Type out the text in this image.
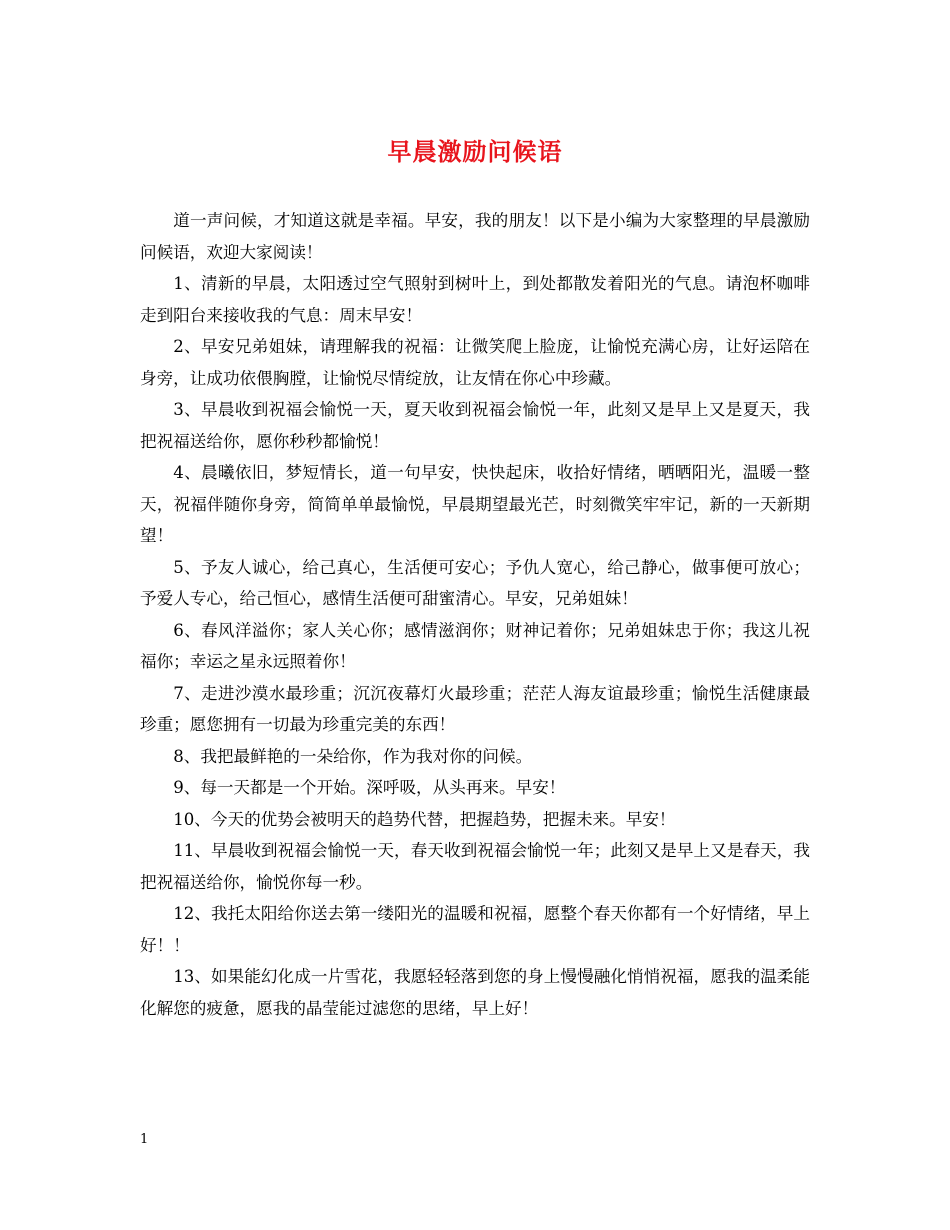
早晨激励问候语

道一声问候，才知道这就是幸福。早安，我的朋友！以下是小编为大家整理的早晨激励问候语，欢迎大家阅读！

1、清新的早晨，太阳透过空气照射到树叶上，到处都散发着阳光的气息。请泡杯咖啡走到阳台来接收我的气息：周末早安！

2、早安兄弟姐妹，请理解我的祝福：让微笑爬上脸庞，让愉悦充满心房，让好运陪在身旁，让成功依偎胸膛，让愉悦尽情绽放，让友情在你心中珍藏。

3、早晨收到祝福会愉悦一天，夏天收到祝福会愉悦一年，此刻又是早上又是夏天，我把祝福送给你，愿你秒秒都愉悦！

4、晨曦依旧，梦短情长，道一句早安，快快起床，收拾好情绪，晒晒阳光，温暖一整天，祝福伴随你身旁，简简单单最愉悦，早晨期望最光芒，时刻微笑牢牢记，新的一天新期望！

5、予友人诚心，给己真心，生活便可安心；予仇人宽心，给己静心，做事便可放心；予爱人专心，给己恒心，感情生活便可甜蜜清心。早安，兄弟姐妹！

6、春风洋溢你；家人关心你；感情滋润你；财神记着你；兄弟姐妹忠于你；我这儿祝福你；幸运之星永远照着你！

7、走进沙漠水最珍重；沉沉夜幕灯火最珍重；茫茫人海友谊最珍重；愉悦生活健康最珍重；愿您拥有一切最为珍重完美的东西！

8、我把最鲜艳的一朵给你，作为我对你的问候。

9、每一天都是一个开始。深呼吸，从头再来。早安！

10、今天的优势会被明天的趋势代替，把握趋势，把握未来。早安！

11、早晨收到祝福会愉悦一天，春天收到祝福会愉悦一年；此刻又是早上又是春天，我把祝福送给你，愉悦你每一秒。

12、我托太阳给你送去第一缕阳光的温暖和祝福，愿整个春天你都有一个好情绪，早上好！！

13、如果能幻化成一片雪花，我愿轻轻落到您的身上慢慢融化悄悄祝福，愿我的温柔能化解您的疲惫，愿我的晶莹能过滤您的思绪，早上好！

1
